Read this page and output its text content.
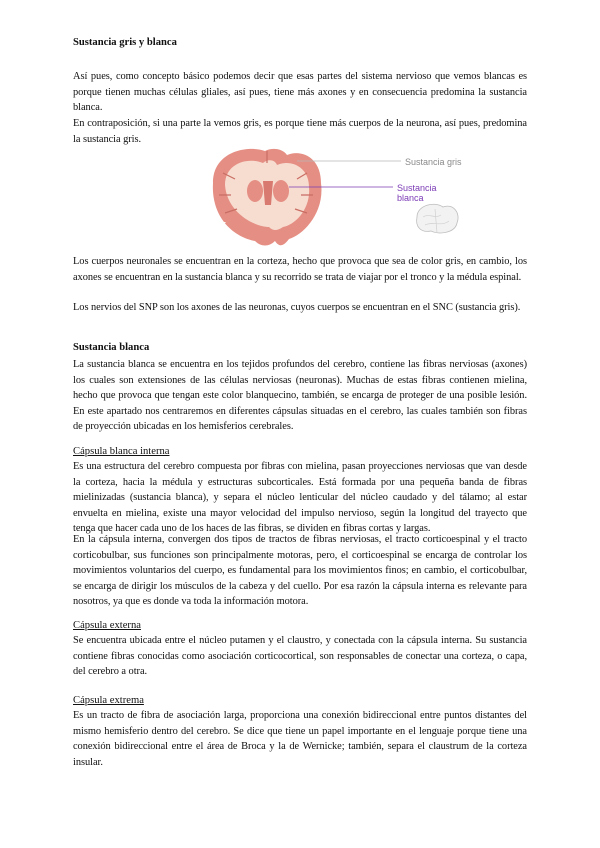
Sustancia gris y blanca

Así pues, como concepto básico podemos decir que esas partes del sistema nervioso que vemos blancas es porque tienen muchas células gliales, así pues, tiene más axones y en consecuencia predomina la sustancia blanca.

En contraposición, si una parte la vemos gris, es porque tiene más cuerpos de la neurona, así pues, predomina la sustancia gris.

Sustancia gris
Sustancia blanca
AE

Los cuerpos neuronales se encuentran en la corteza, hecho que provoca que sea de color gris, en cambio, los axones se encuentran en la sustancia blanca y su recorrido se trata de viajar por el tronco y la médula espinal.

Los nervios del SNP son los axones de las neuronas, cuyos cuerpos se encuentran en el SNC (sustancia gris).

Sustancia blanca

La sustancia blanca se encuentra en los tejidos profundos del cerebro, contiene las fibras nerviosas (axones) los cuales son extensiones de las células nerviosas (neuronas). Muchas de estas fibras contienen mielina, hecho que provoca que tengan este color blanquecino, también, se encarga de proteger de una posible lesión. En este apartado nos centraremos en diferentes cápsulas situadas en el cerebro, las cuales también son fibras de proyección ubicadas en los hemisferios cerebrales.

Cápsula blanca interna

Es una estructura del cerebro compuesta por fibras con mielina, pasan proyecciones nerviosas que van desde la corteza, hacia la médula y estructuras subcorticales. Está formada por una pequeña banda de fibras mielinizadas (sustancia blanca), y separa el núcleo lenticular del núcleo caudado y del tálamo; al estar envuelta en mielina, existe una mayor velocidad del impulso nervioso, según la longitud del trayecto que tenga que hacer cada uno de los haces de las fibras, se dividen en fibras cortas y largas.

En la cápsula interna, convergen dos tipos de tractos de fibras nerviosas, el tracto corticoespinal y el tracto corticobulbar, sus funciones son principalmente motoras, pero, el corticoespinal se encarga de controlar los movimientos voluntarios del cuerpo, es fundamental para los movimientos finos; en cambio, el corticobulbar, se encarga de dirigir los músculos de la cabeza y del cuello. Por esa razón la cápsula interna es relevante para nosotros, ya que es donde va toda la información motora.

Cápsula externa

Se encuentra ubicada entre el núcleo putamen y el claustro, y conectada con la cápsula interna. Su sustancia contiene fibras conocidas como asociación corticocortical, son responsables de conectar una corteza, o capa, del cerebro a otra.

Cápsula extrema

Es un tracto de fibra de asociación larga, proporciona una conexión bidireccional entre puntos distantes del mismo hemisferio dentro del cerebro. Se dice que tiene un papel importante en el lenguaje porque tiene una conexión bidireccional entre el área de Broca y la de Wernicke; también, separa el claustrum de la corteza insular.
